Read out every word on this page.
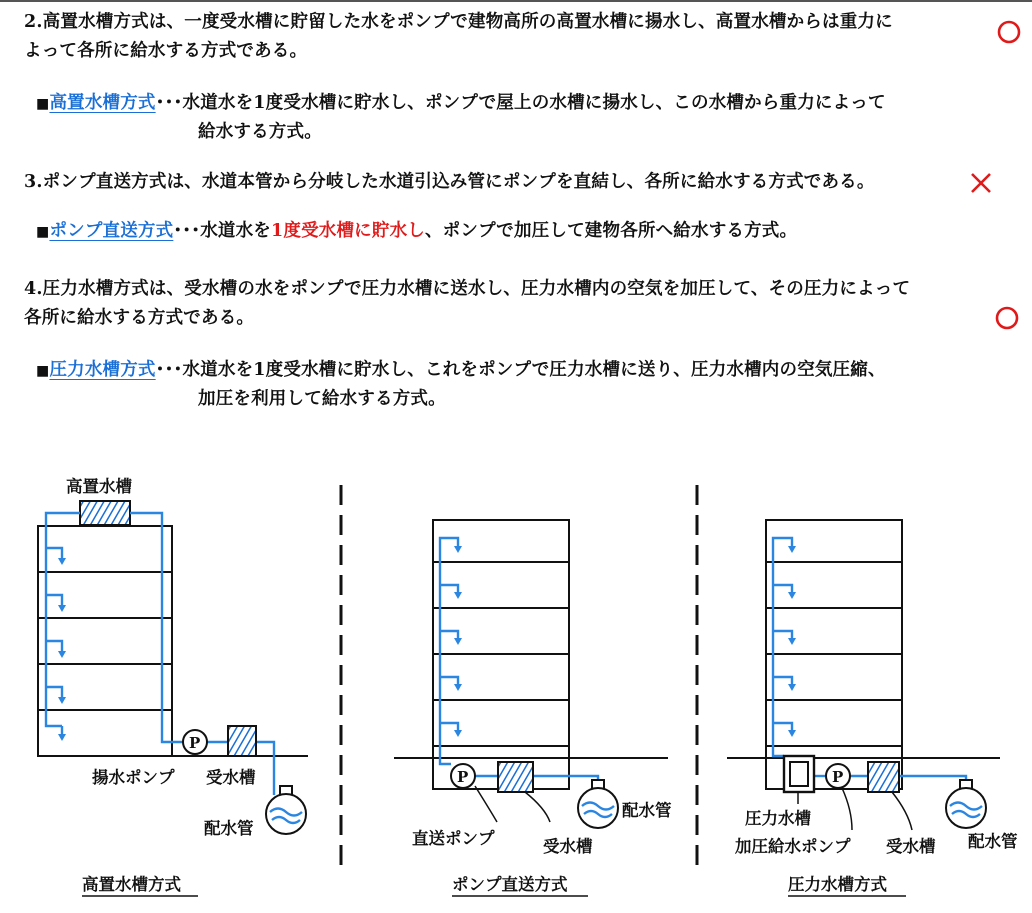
2.高置水槽方式は、一度受水槽に貯留した水をポンプで建物高所の高置水槽に揚水し、高置水槽からは重力に
よって各所に給水する方式である。
■高置水槽方式･･･水道水を1度受水槽に貯水し、ポンプで屋上の水槽に揚水し、この水槽から重力によって
給水する方式。
3.ポンプ直送方式は、水道本管から分岐した水道引込み管にポンプを直結し、各所に給水する方式である。
■ポンプ直送方式･･･水道水を1度受水槽に貯水し、ポンプで加圧して建物各所へ給水する方式。
4.圧力水槽方式は、受水槽の水をポンプで圧力水槽に送水し、圧力水槽内の空気を加圧して、その圧力によって
各所に給水する方式である。
■圧力水槽方式･･･水道水を1度受水槽に貯水し、これをポンプで圧力水槽に送り、圧力水槽内の空気圧縮、
加圧を利用して給水する方式。
高置水槽
P
揚水ポンプ 受水槽
配水管
高置水槽方式
P
配水管
直送ポンプ	受水槽
ポンプ直送方式
P
圧力水槽
加圧給水ポンプ 受水槽 配水管
圧力水槽方式
